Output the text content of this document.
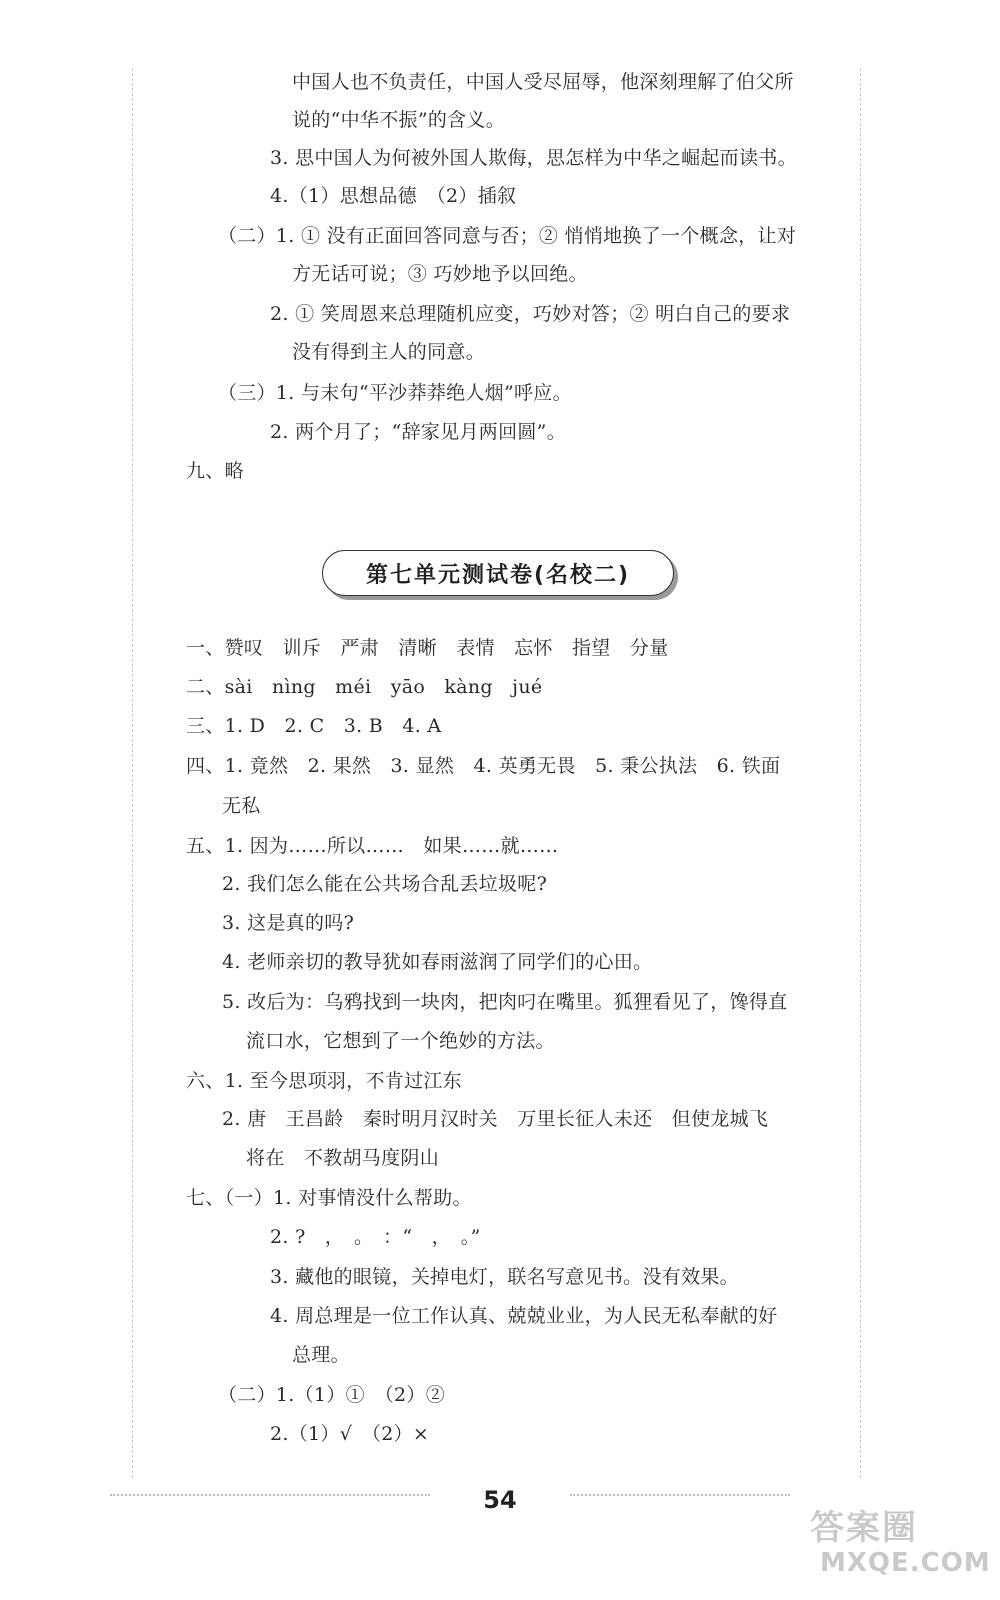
中国人也不负责任，中国人受尽屈辱，他深刻理解了伯父所
说的“中华不振”的含义。
3. 思中国人为何被外国人欺侮，思怎样为中华之崛起而读书。
4.（1）思想品德　（2）插叙
（二）1. ① 没有正面回答同意与否；② 悄悄地换了一个概念，让对
方无话可说；③ 巧妙地予以回绝。
2. ① 笑周恩来总理随机应变，巧妙对答；② 明白自己的要求
没有得到主人的同意。
（三）1. 与末句“平沙莽莽绝人烟”呼应。
2. 两个月了；“辞家见月两回圆”。
九、略
第七单元测试卷(名校二)
一、赞叹　训斥　严肃　清晰　表情　忘怀　指望　分量
二、sài　nìng　méi　yāo　kàng　jué
三、1. D　2. C　3. B　4. A
四、1. 竟然　2. 果然　3. 显然　4. 英勇无畏　5. 秉公执法　6. 铁面
无私
五、1. 因为……所以……　如果……就……
2. 我们怎么能在公共场合乱丢垃圾呢?
3. 这是真的吗?
4. 老师亲切的教导犹如春雨滋润了同学们的心田。
5. 改后为：乌鸦找到一块肉，把肉叼在嘴里。狐狸看见了，馋得直
流口水，它想到了一个绝妙的方法。
六、1. 至今思项羽，不肯过江东
2. 唐　王昌龄　秦时明月汉时关　万里长征人未还　但使龙城飞
将在　不教胡马度阴山
七、（一）1. 对事情没什么帮助。
2. ?　，　。　：“　，　。”
3. 藏他的眼镜，关掉电灯，联名写意见书。没有效果。
4. 周总理是一位工作认真、兢兢业业，为人民无私奉献的好
总理。
（二）1.（1）①　（2）②
2.（1）√　（2）×
54
答案圈
MXQE.COM
